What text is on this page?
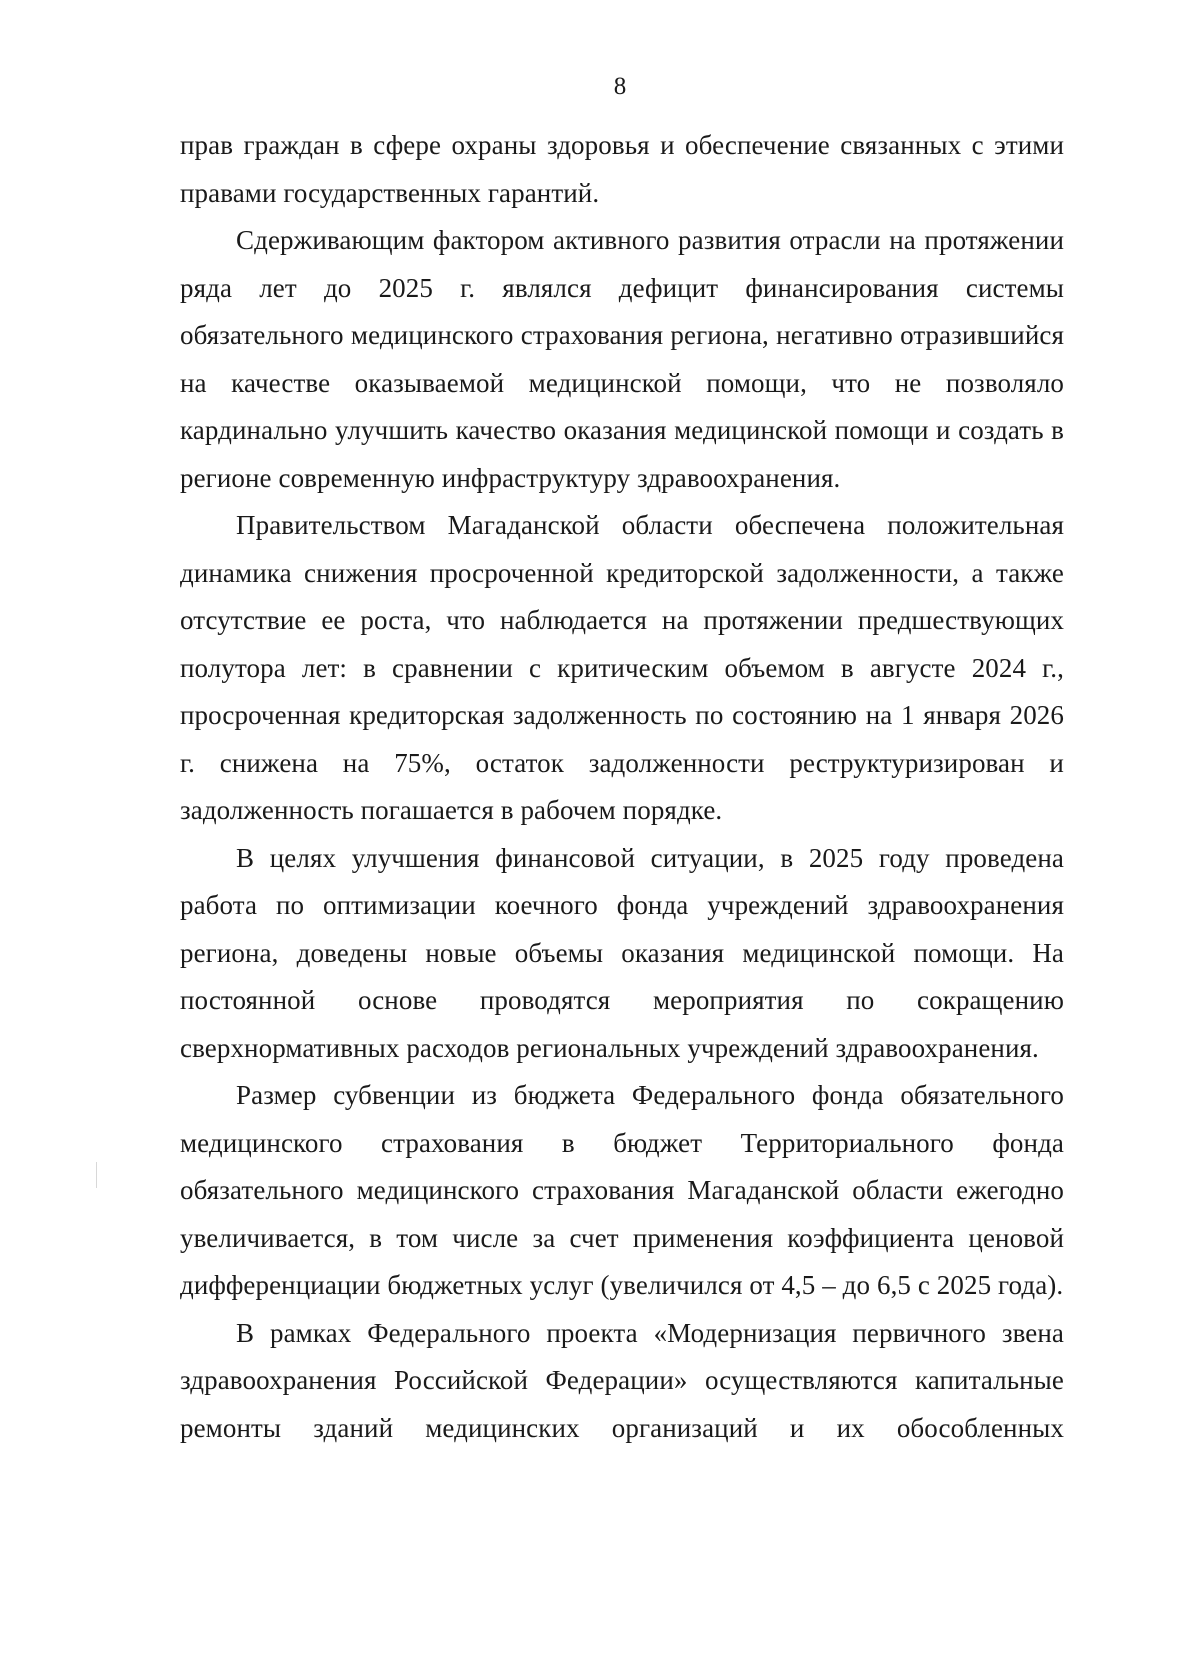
8

прав граждан в сфере охраны здоровья и обеспечение связанных с этими правами государственных гарантий.

Сдерживающим фактором активного развития отрасли на протяжении ряда лет до 2025 г. являлся дефицит финансирования системы обязательного медицинского страхования региона, негативно отразившийся на качестве оказываемой медицинской помощи, что не позволяло кардинально улучшить качество оказания медицинской помощи и создать в регионе современную инфраструктуру здравоохранения.

Правительством Магаданской области обеспечена положительная динамика снижения просроченной кредиторской задолженности, а также отсутствие ее роста, что наблюдается на протяжении предшествующих полутора лет: в сравнении с критическим объемом в августе 2024 г., просроченная кредиторская задолженность по состоянию на 1 января 2026 г. снижена на 75%, остаток задолженности реструктуризирован и задолженность погашается в рабочем порядке.

В целях улучшения финансовой ситуации, в 2025 году проведена работа по оптимизации коечного фонда учреждений здравоохранения региона, доведены новые объемы оказания медицинской помощи. На постоянной основе проводятся мероприятия по сокращению сверхнормативных расходов региональных учреждений здравоохранения.

Размер субвенции из бюджета Федерального фонда обязательного медицинского страхования в бюджет Территориального фонда обязательного медицинского страхования Магаданской области ежегодно увеличивается, в том числе за счет применения коэффициента ценовой дифференциации бюджетных услуг (увеличился от 4,5 – до 6,5 с 2025 года).

В рамках Федерального проекта «Модернизация первичного звена здравоохранения Российской Федерации» осуществляются капитальные ремонты зданий медицинских организаций и их обособленных
